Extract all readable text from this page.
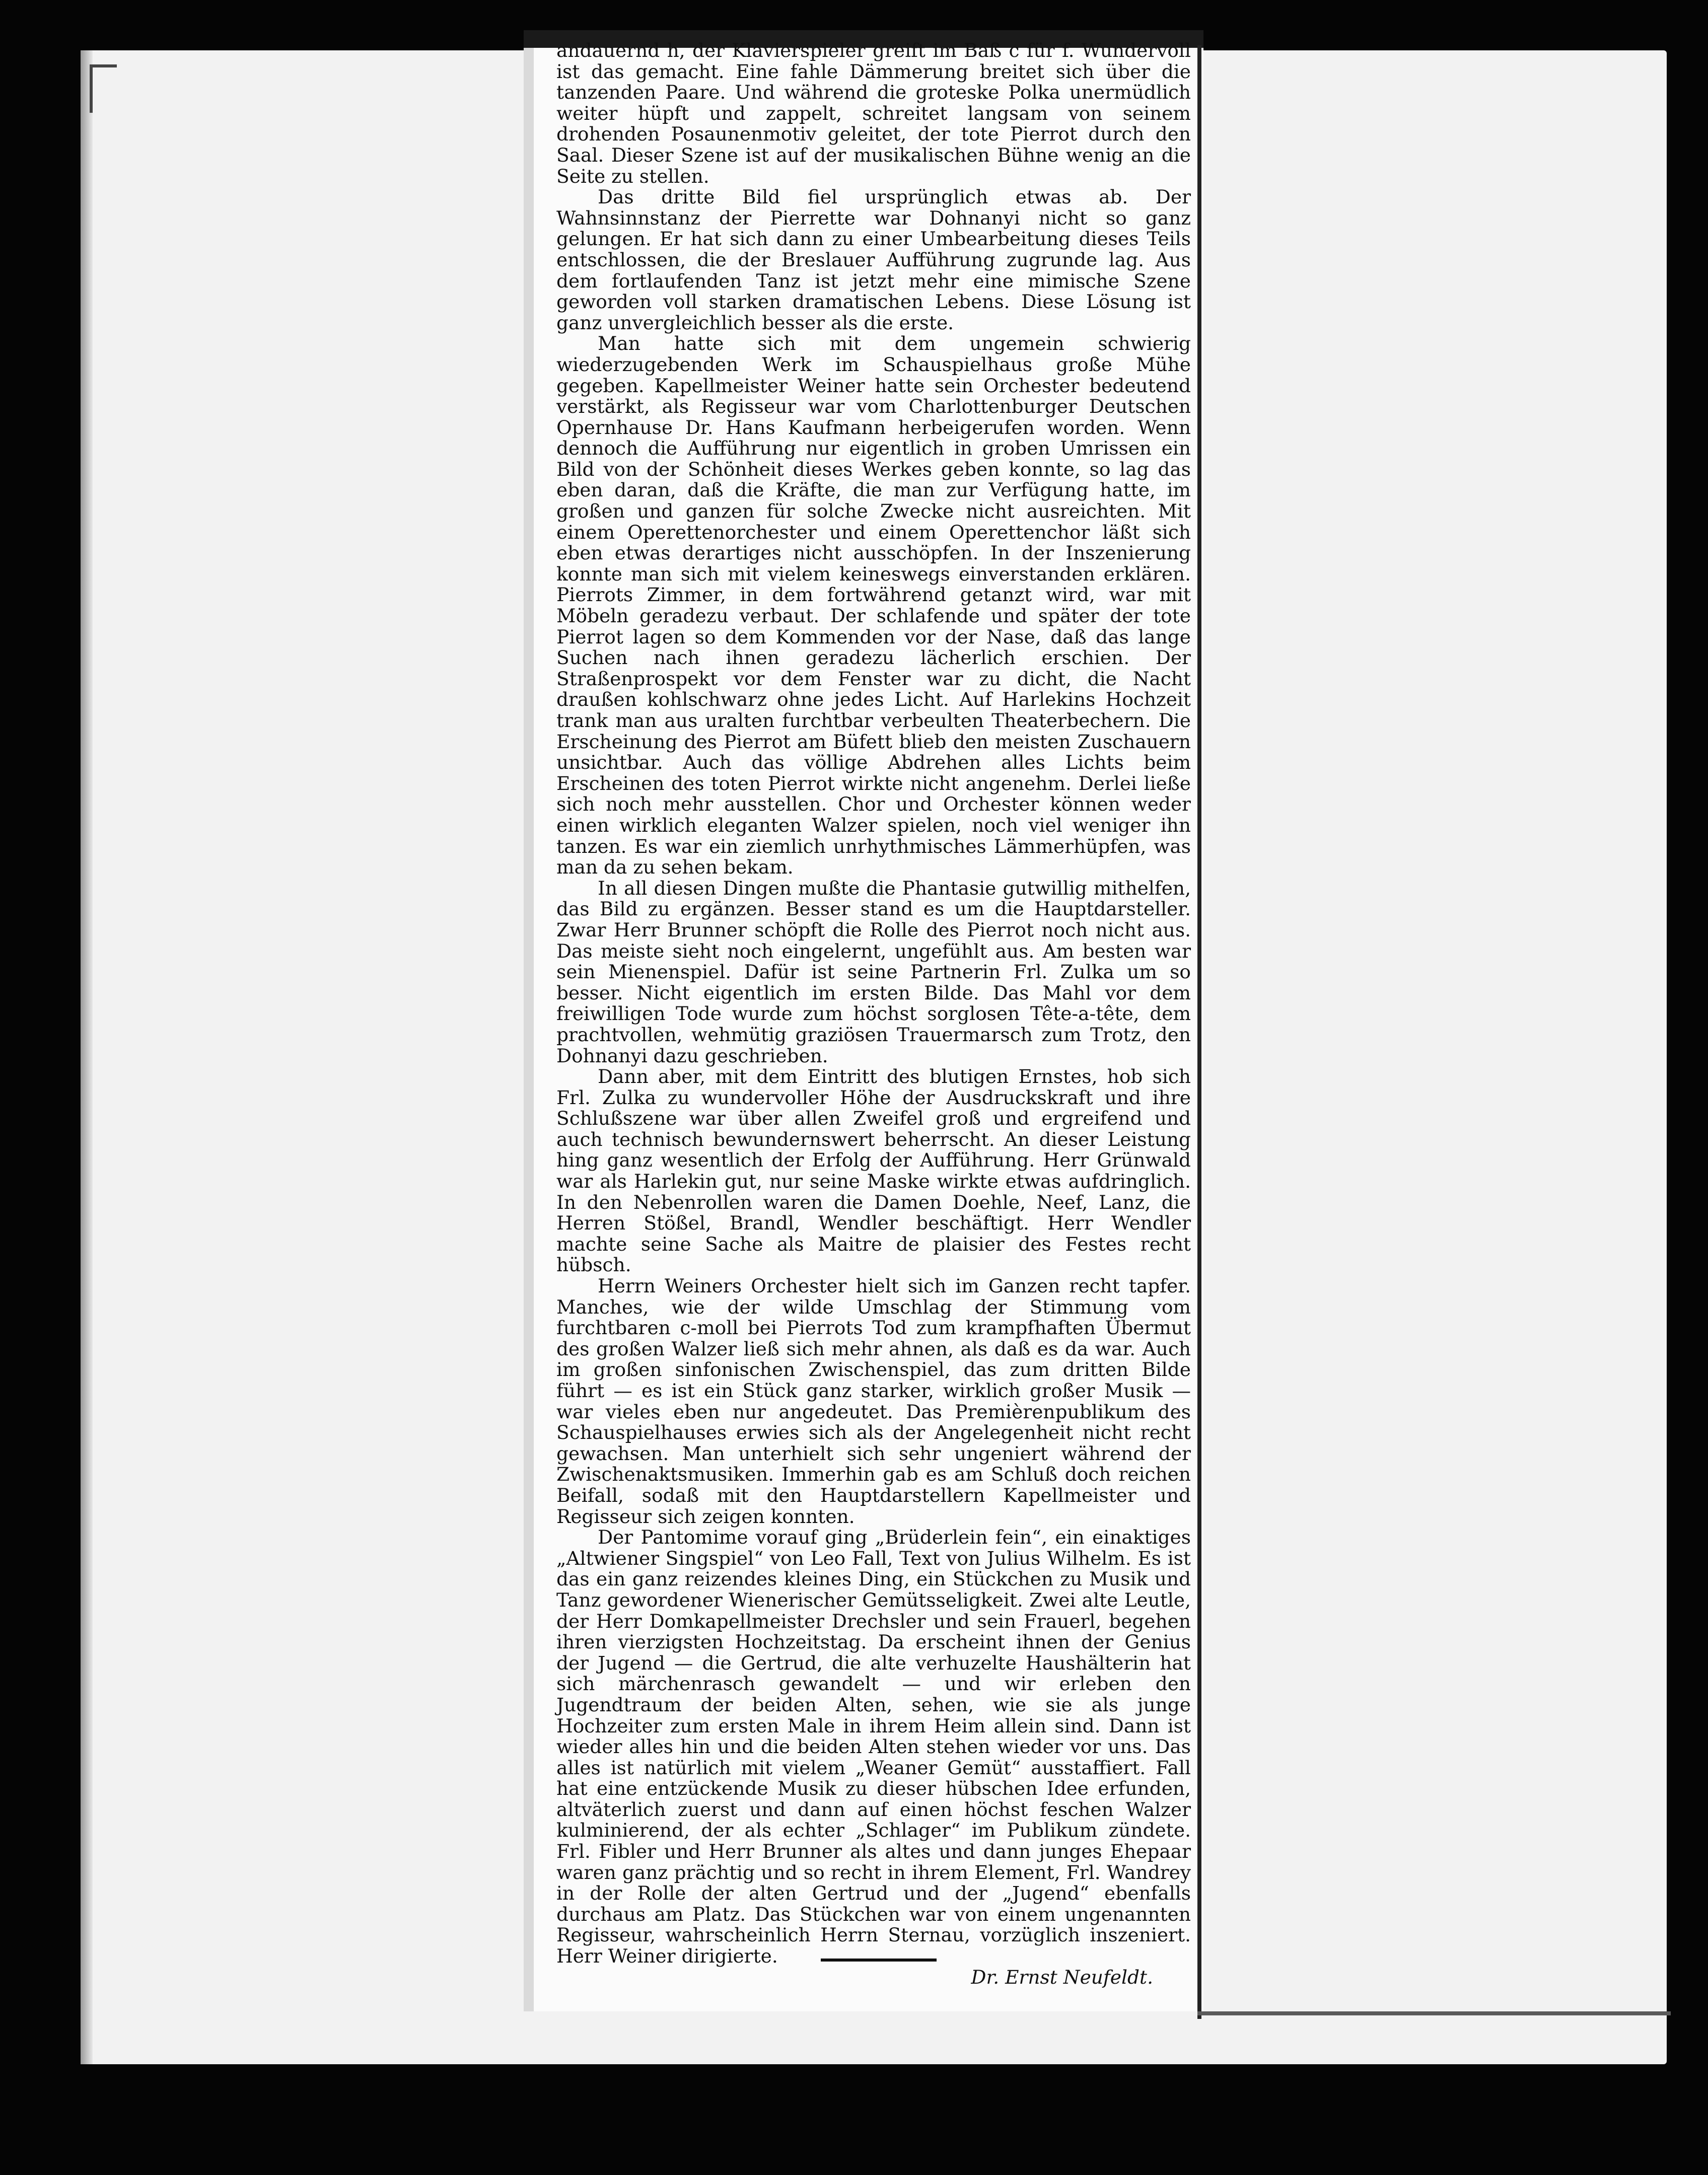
andauernd h, der Klavierspieler greift im Baß c für f. Wundervoll ist das gemacht. Eine fahle Dämmerung breitet sich über die tanzenden Paare. Und während die groteske Polka unermüdlich weiter hüpft und zappelt, schreitet langsam von seinem drohenden Posaunenmotiv geleitet, der tote Pierrot durch den Saal. Dieser Szene ist auf der musikalischen Bühne wenig an die Seite zu stellen.

Das dritte Bild fiel ursprünglich etwas ab. Der Wahnsinnstanz der Pierrette war Dohnanyi nicht so ganz gelungen. Er hat sich dann zu einer Umbearbeitung dieses Teils entschlossen, die der Breslauer Aufführung zugrunde lag. Aus dem fortlaufenden Tanz ist jetzt mehr eine mimische Szene geworden voll starken dramatischen Lebens. Diese Lösung ist ganz unvergleichlich besser als die erste.

Man hatte sich mit dem ungemein schwierig wiederzugebenden Werk im Schauspielhaus große Mühe gegeben. Kapellmeister Weiner hatte sein Orchester bedeutend verstärkt, als Regisseur war vom Charlottenburger Deutschen Opernhause Dr. Hans Kaufmann herbeigerufen worden. Wenn dennoch die Aufführung nur eigentlich in groben Umrissen ein Bild von der Schönheit dieses Werkes geben konnte, so lag das eben daran, daß die Kräfte, die man zur Verfügung hatte, im großen und ganzen für solche Zwecke nicht ausreichten. Mit einem Operettenorchester und einem Operettenchor läßt sich eben etwas derartiges nicht ausschöpfen. In der Inszenierung konnte man sich mit vielem keineswegs einverstanden erklären. Pierrots Zimmer, in dem fortwährend getanzt wird, war mit Möbeln geradezu verbaut. Der schlafende und später der tote Pierrot lagen so dem Kommenden vor der Nase, daß das lange Suchen nach ihnen geradezu lächerlich erschien. Der Straßenprospekt vor dem Fenster war zu dicht, die Nacht draußen kohlschwarz ohne jedes Licht. Auf Harlekins Hochzeit trank man aus uralten furchtbar verbeulten Theaterbechern. Die Erscheinung des Pierrot am Büfett blieb den meisten Zuschauern unsichtbar. Auch das völlige Abdrehen alles Lichts beim Erscheinen des toten Pierrot wirkte nicht angenehm. Derlei ließe sich noch mehr ausstellen. Chor und Orchester können weder einen wirklich eleganten Walzer spielen, noch viel weniger ihn tanzen. Es war ein ziemlich unrhythmisches Lämmerhüpfen, was man da zu sehen bekam.

In all diesen Dingen mußte die Phantasie gutwillig mithelfen, das Bild zu ergänzen. Besser stand es um die Hauptdarsteller. Zwar Herr Brunner schöpft die Rolle des Pierrot noch nicht aus. Das meiste sieht noch eingelernt, ungefühlt aus. Am besten war sein Mienenspiel. Dafür ist seine Partnerin Frl. Zulka um so besser. Nicht eigentlich im ersten Bilde. Das Mahl vor dem freiwilligen Tode wurde zum höchst sorglosen Tête-a-tête, dem prachtvollen, wehmütig graziösen Trauermarsch zum Trotz, den Dohnanyi dazu geschrieben.

Dann aber, mit dem Eintritt des blutigen Ernstes, hob sich Frl. Zulka zu wundervoller Höhe der Ausdruckskraft und ihre Schlußszene war über allen Zweifel groß und ergreifend und auch technisch bewundernswert beherrscht. An dieser Leistung hing ganz wesentlich der Erfolg der Aufführung. Herr Grünwald war als Harlekin gut, nur seine Maske wirkte etwas aufdringlich. In den Nebenrollen waren die Damen Doehle, Neef, Lanz, die Herren Stößel, Brandl, Wendler beschäftigt. Herr Wendler machte seine Sache als Maitre de plaisier des Festes recht hübsch.

Herrn Weiners Orchester hielt sich im Ganzen recht tapfer. Manches, wie der wilde Umschlag der Stimmung vom furchtbaren c-moll bei Pierrots Tod zum krampfhaften Übermut des großen Walzer ließ sich mehr ahnen, als daß es da war. Auch im großen sinfonischen Zwischenspiel, das zum dritten Bilde führt — es ist ein Stück ganz starker, wirklich großer Musik — war vieles eben nur angedeutet. Das Premièrenpublikum des Schauspielhauses erwies sich als der Angelegenheit nicht recht gewachsen. Man unterhielt sich sehr ungeniert während der Zwischenaktsmusiken. Immerhin gab es am Schluß doch reichen Beifall, sodaß mit den Hauptdarstellern Kapellmeister und Regisseur sich zeigen konnten.

Der Pantomime vorauf ging „Brüderlein fein“, ein einaktiges „Altwiener Singspiel“ von Leo Fall, Text von Julius Wilhelm. Es ist das ein ganz reizendes kleines Ding, ein Stückchen zu Musik und Tanz gewordener Wienerischer Gemütsseligkeit. Zwei alte Leutle, der Herr Domkapellmeister Drechsler und sein Frauerl, begehen ihren vierzigsten Hochzeitstag. Da erscheint ihnen der Genius der Jugend — die Gertrud, die alte verhuzelte Haushälterin hat sich märchenrasch gewandelt — und wir erleben den Jugendtraum der beiden Alten, sehen, wie sie als junge Hochzeiter zum ersten Male in ihrem Heim allein sind. Dann ist wieder alles hin und die beiden Alten stehen wieder vor uns. Das alles ist natürlich mit vielem „Weaner Gemüt“ ausstaffiert. Fall hat eine entzückende Musik zu dieser hübschen Idee erfunden, altväterlich zuerst und dann auf einen höchst feschen Walzer kulminierend, der als echter „Schlager“ im Publikum zündete. Frl. Fibler und Herr Brunner als altes und dann junges Ehepaar waren ganz prächtig und so recht in ihrem Element, Frl. Wandrey in der Rolle der alten Gertrud und der „Jugend“ ebenfalls durchaus am Platz. Das Stückchen war von einem ungenannten Regisseur, wahrscheinlich Herrn Sternau, vorzüglich inszeniert. Herr Weiner dirigierte.

Dr. Ernst Neufeldt.
